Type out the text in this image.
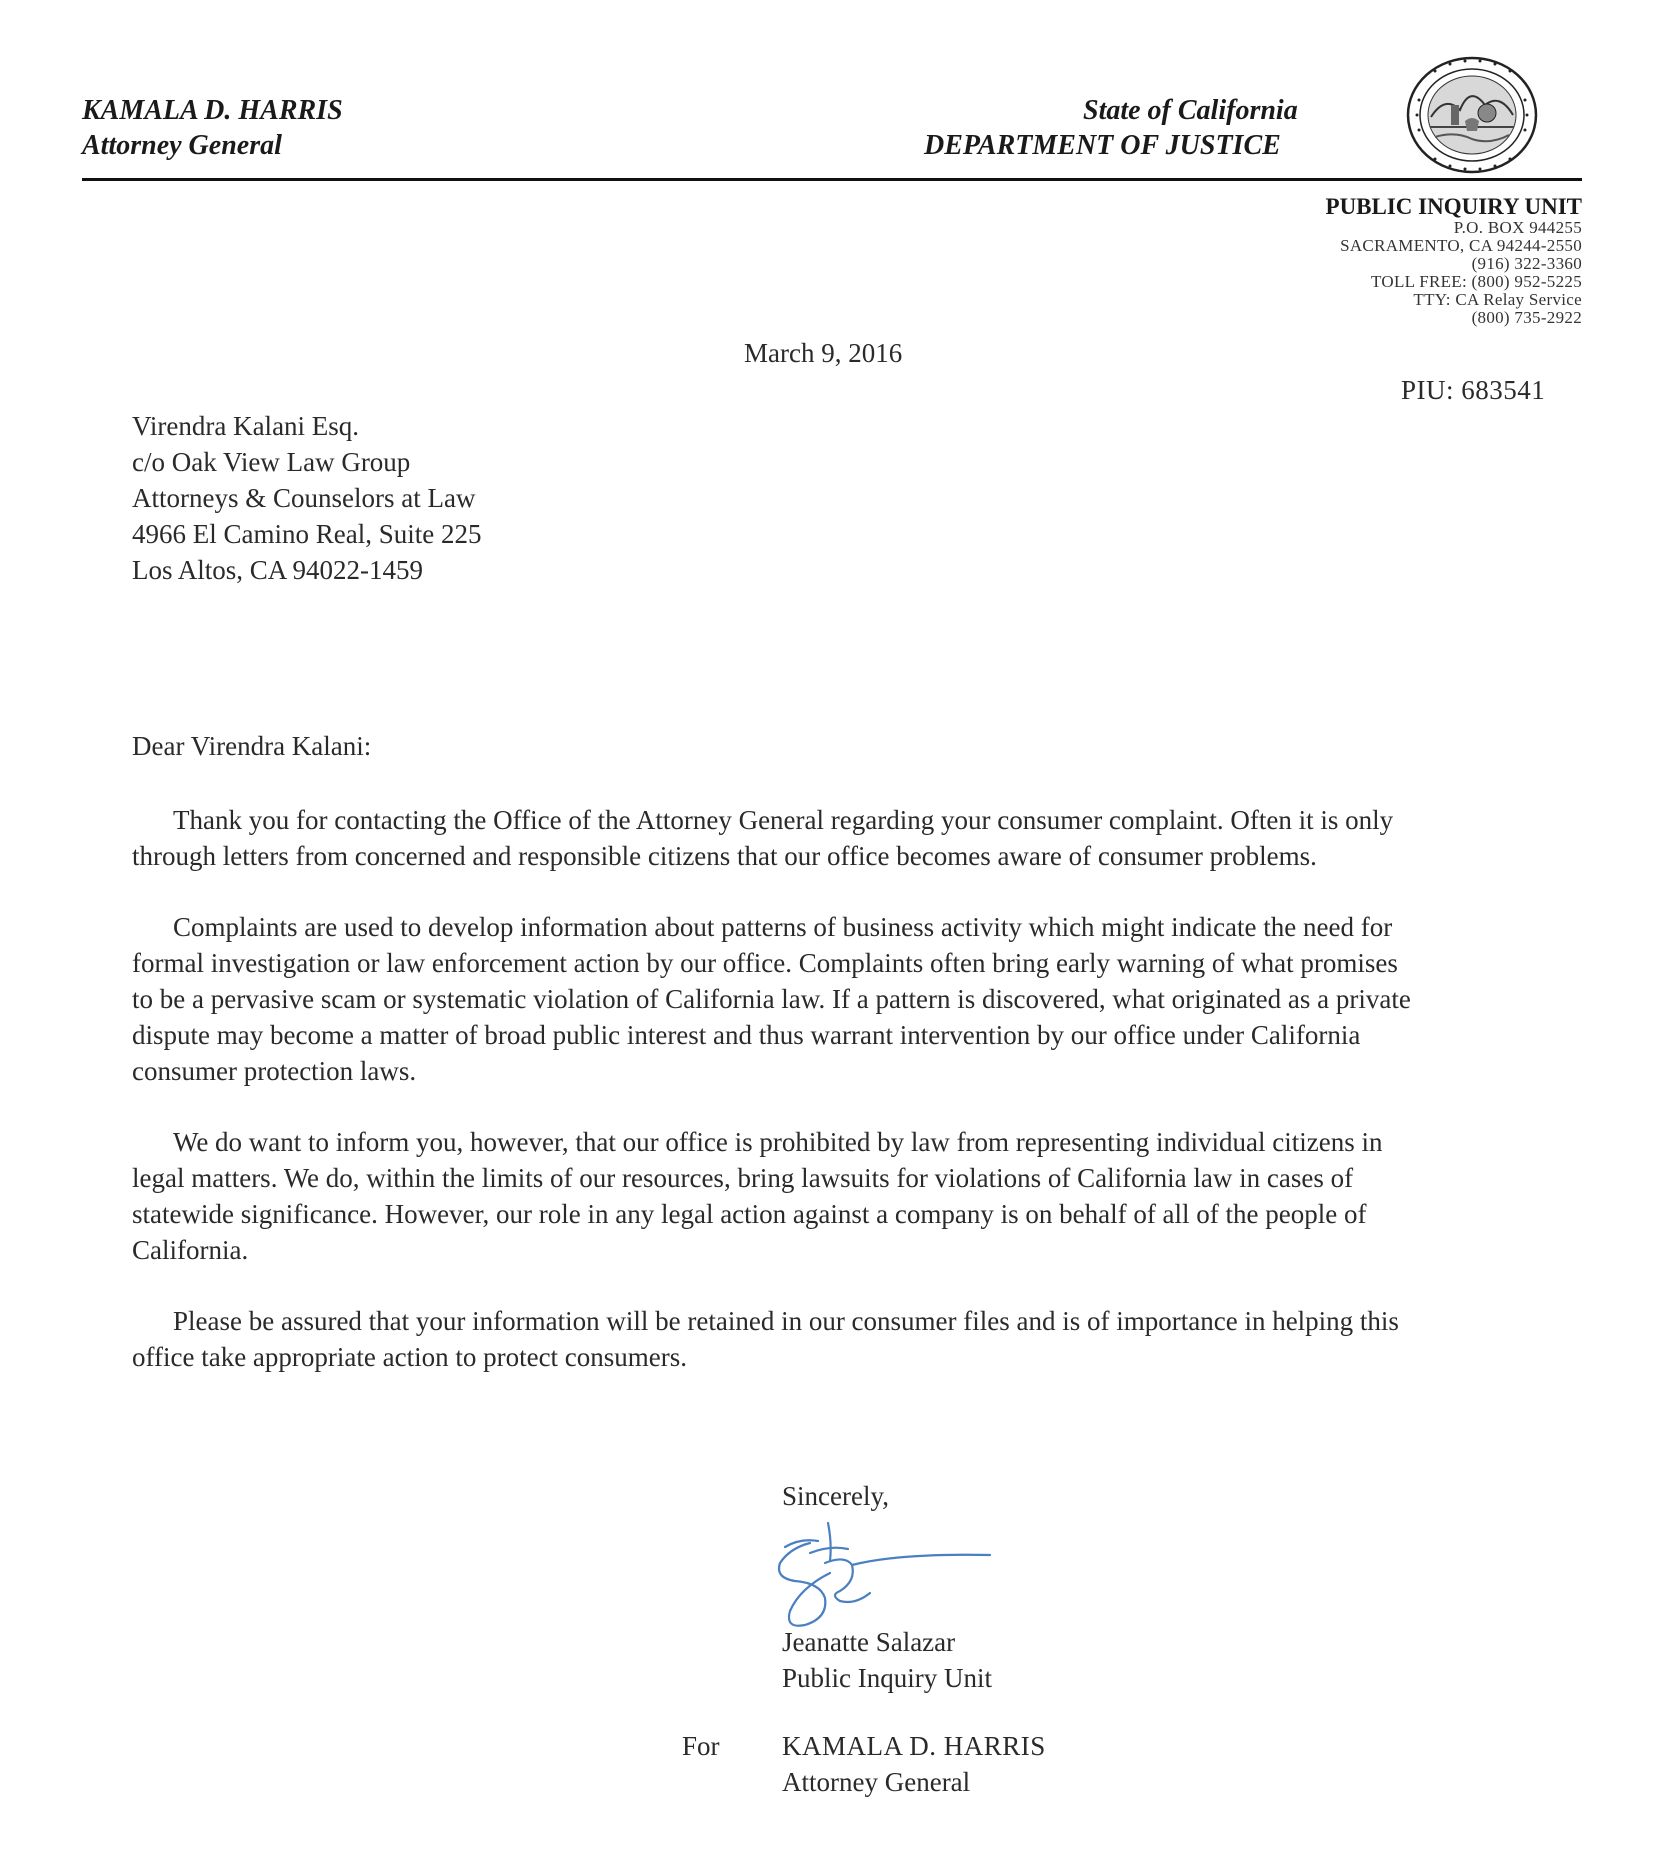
KAMALA D. HARRIS
Attorney General
State of California
DEPARTMENT OF JUSTICE
PUBLIC INQUIRY UNIT
P.O. BOX 944255
SACRAMENTO, CA 94244-2550
(916) 322-3360
TOLL FREE: (800) 952-5225
TTY: CA Relay Service
(800) 735-2922
March 9, 2016
PIU: 683541
Virendra Kalani Esq.
c/o Oak View Law Group
Attorneys & Counselors at Law
4966 El Camino Real, Suite 225
Los Altos, CA 94022-1459
Dear Virendra Kalani:
Thank you for contacting the Office of the Attorney General regarding your consumer complaint. Often it is only
through letters from concerned and responsible citizens that our office becomes aware of consumer problems.
Complaints are used to develop information about patterns of business activity which might indicate the need for
formal investigation or law enforcement action by our office. Complaints often bring early warning of what promises
to be a pervasive scam or systematic violation of California law. If a pattern is discovered, what originated as a private
dispute may become a matter of broad public interest and thus warrant intervention by our office under California
consumer protection laws.
We do want to inform you, however, that our office is prohibited by law from representing individual citizens in
legal matters. We do, within the limits of our resources, bring lawsuits for violations of California law in cases of
statewide significance. However, our role in any legal action against a company is on behalf of all of the people of
California.
Please be assured that your information will be retained in our consumer files and is of importance in helping this
office take appropriate action to protect consumers.
Sincerely,
Jeanatte Salazar
Public Inquiry Unit
For KAMALA D. HARRIS
Attorney General
